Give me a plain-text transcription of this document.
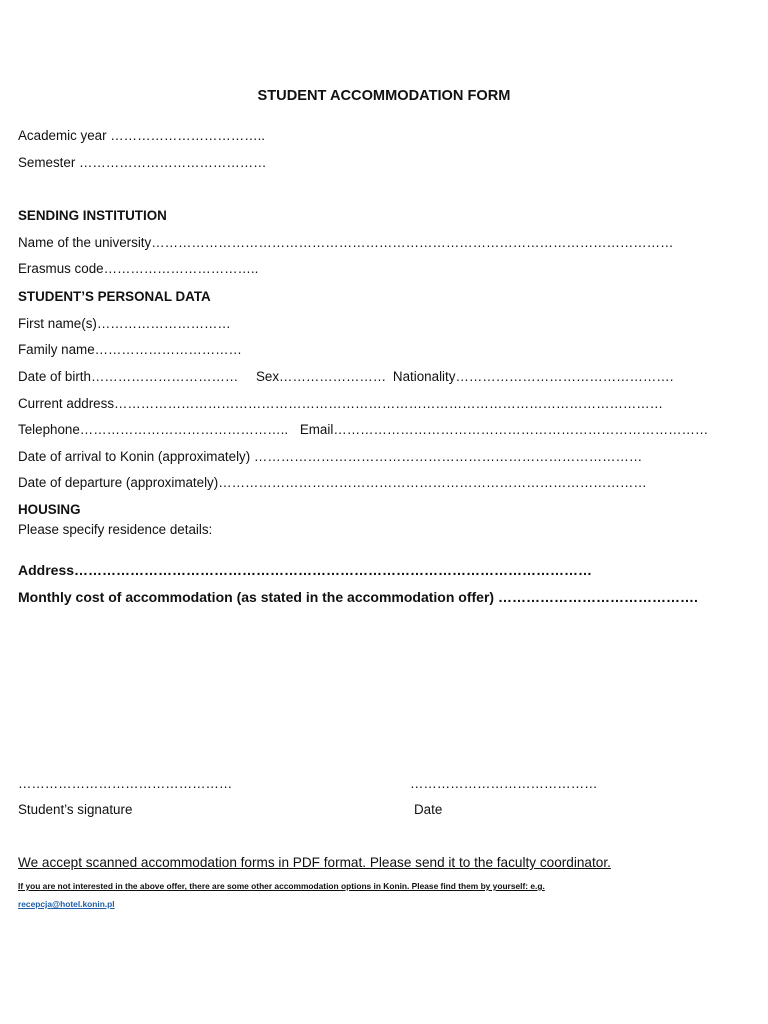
STUDENT ACCOMMODATION FORM
Academic year ……………………………..
Semester ……………………………………
SENDING INSTITUTION
Name of the university………………………………………………………………………………………………………
Erasmus code……………………………..
STUDENT’S PERSONAL DATA
First name(s)…………………………
Family name……………………………
Date of birth…………………………… Sex…………………… Nationality………………………………………….
Current address……………………………………………………………………………………………………………
Telephone……………………………………….. Email…………………………………………………………………………
Date of arrival to Konin (approximately) ……………………………………………………………………………
Date of departure (approximately)……………………………………………………………………………………
HOUSING
Please specify residence details:
Address…………………………………………………………………………………………………
Monthly cost of accommodation (as stated in the accommodation offer) …………………………………….
…………………………………………	……………………………………
Student’s signature	Date
We accept scanned accommodation forms in PDF format. Please send it to the faculty coordinator.
If you are not interested in the above offer, there are some other accommodation options in Konin. Please find them by yourself: e.g.
recepcja@hotel.konin.pl
